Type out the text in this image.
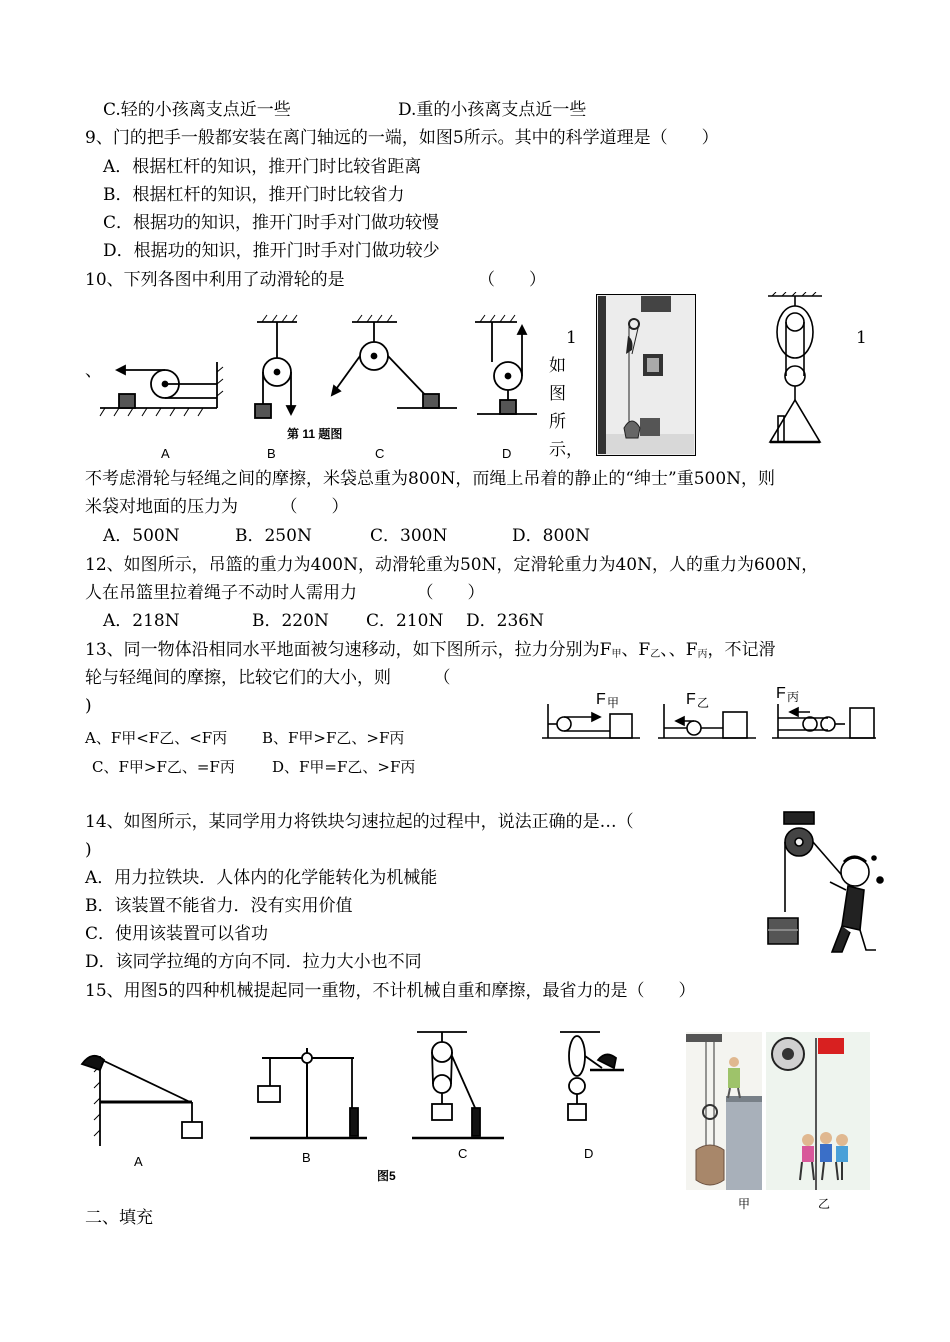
C.轻的小孩离支点近一些	D.重的小孩离支点近一些
9、门的把手一般都安装在离门轴远的一端，如图5所示。其中的科学道理是（　　）
A．根据杠杆的知识，推开门时比较省距离
B．根据杠杆的知识，推开门时比较省力
C．根据功的知识，推开门时手对门做功较慢
D．根据功的知识，推开门时手对门做功较少
10、下列各图中利用了动滑轮的是	（　　）
、
第 11 题图
A	B	C	D
1	1
如
图
所
示，
不考虑滑轮与轻绳之间的摩擦，米袋总重为800N，而绳上吊着的静止的“绅士”重500N，则
米袋对地面的压力为　　　（　　）
A．500N	B．250N	C．300N	D．800N
12、如图所示，吊篮的重力为400N，动滑轮重为50N，定滑轮重力为40N，人的重力为600N，
人在吊篮里拉着绳子不动时人需用力　　　　（　　）
A．218N	B．220N C．210N D．236N
13、同一物体沿相同水平地面被匀速移动，如下图所示，拉力分别为$F_甲$、$F_乙$、、$F_丙$，不记滑
轮与轻绳间的摩擦，比较它们的大小，则　　　（
)
A、F甲<F乙、<F丙 B、F甲>F乙、>F丙
C、F甲>F乙、=F丙 D、F甲=F乙、>F丙
F 甲	F 乙
F 丙
14、如图所示，某同学用力将铁块匀速拉起的过程中，说法正确的是…（
)
A．用力拉铁块．人体内的化学能转化为机械能
B．该装置不能省力．没有实用价值
C．使用该装置可以省功
D．该同学拉绳的方向不同．拉力大小也不同
15、用图5的四种机械提起同一重物，不计机械自重和摩擦，最省力的是（　　）
A	B	C	D
图5
甲	乙
二、填充
